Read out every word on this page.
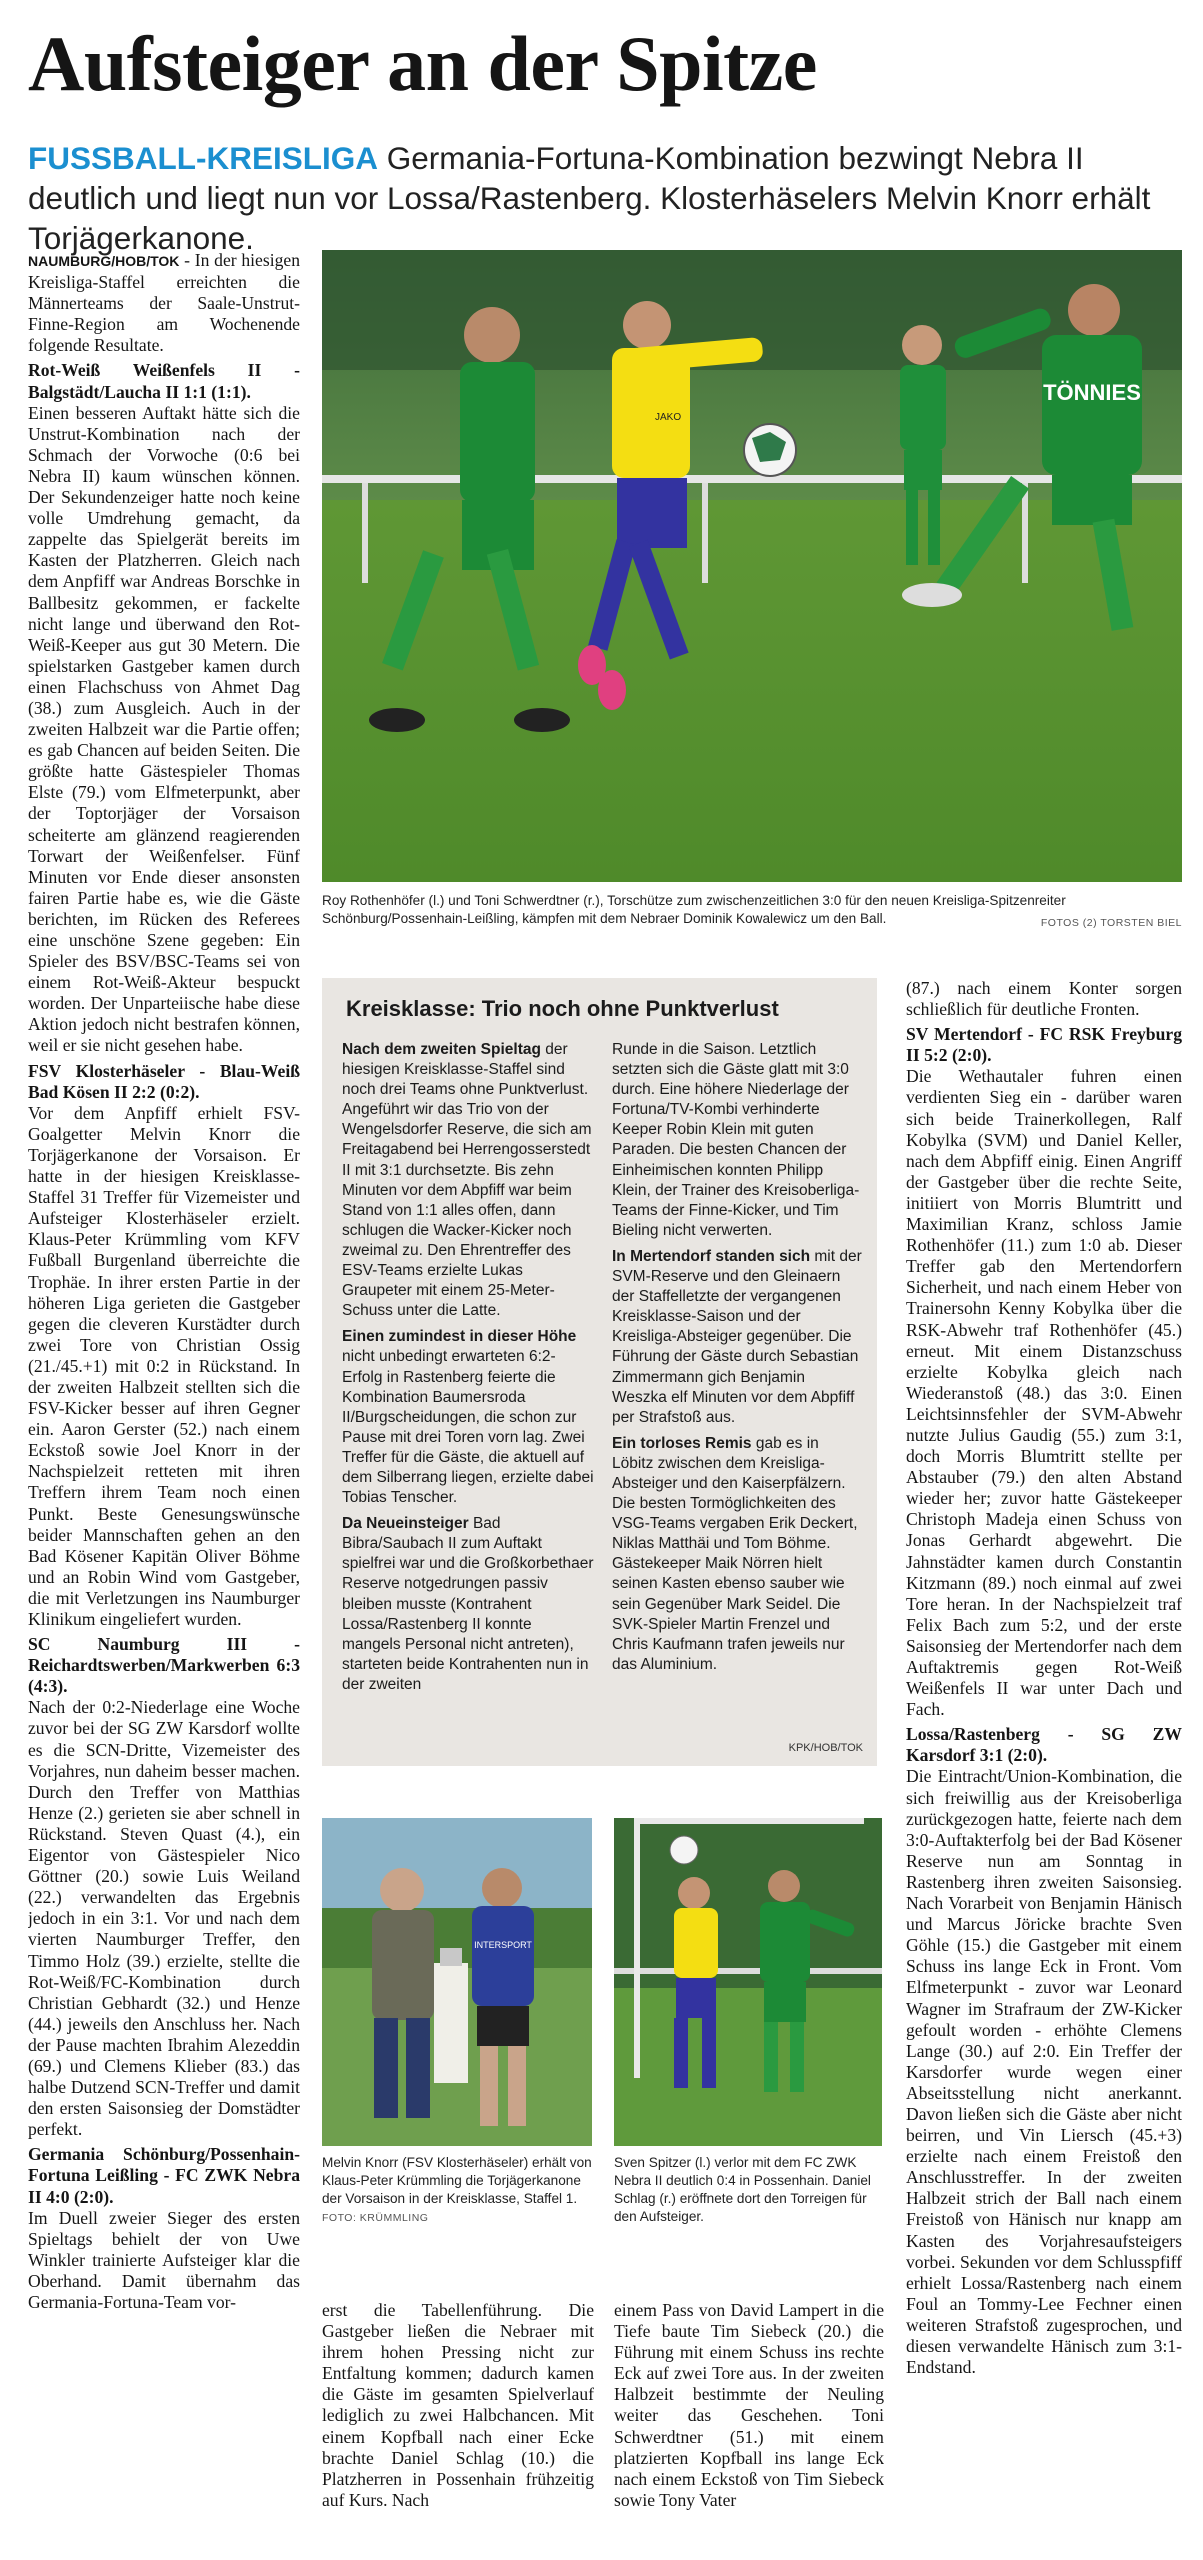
Aufsteiger an der Spitze

FUSSBALL-KREISLIGA Germania-Fortuna-Kombination bezwingt Nebra II deutlich und liegt nun vor Lossa/Rastenberg. Klosterhäselers Melvin Knorr erhält Torjägerkanone.

NAUMBURG/HOB/TOK - In der hiesigen Kreisliga-Staffel erreichten die Männerteams der Saale-Unstrut-Finne-Region am Wochenende folgende Resultate.

Rot-Weiß Weißenfels II - Balgstädt/Laucha II 1:1 (1:1).

Einen besseren Auftakt hätte sich die Unstrut-Kombination nach der Schmach der Vorwoche (0:6 bei Nebra II) kaum wünschen können. Der Sekundenzeiger hatte noch keine volle Umdrehung gemacht, da zappelte das Spielgerät bereits im Kasten der Platzherren. Gleich nach dem Anpfiff war Andreas Borschke in Ballbesitz gekommen, er fackelte nicht lange und überwand den Rot-Weiß-Keeper aus gut 30 Metern. Die spielstarken Gastgeber kamen durch einen Flachschuss von Ahmet Dag (38.) zum Ausgleich. Auch in der zweiten Halbzeit war die Partie offen; es gab Chancen auf beiden Seiten. Die größte hatte Gästespieler Thomas Elste (79.) vom Elfmeterpunkt, aber der Toptorjäger der Vorsaison scheiterte am glänzend reagierenden Torwart der Weißenfelser. Fünf Minuten vor Ende dieser ansonsten fairen Partie habe es, wie die Gäste berichten, im Rücken des Referees eine unschöne Szene gegeben: Ein Spieler des BSV/BSC-Teams sei von einem Rot-Weiß-Akteur bespuckt worden. Der Unparteiische habe diese Aktion jedoch nicht bestrafen können, weil er sie nicht gesehen habe.

FSV Klosterhäseler - Blau-Weiß Bad Kösen II 2:2 (0:2).

Vor dem Anpfiff erhielt FSV-Goalgetter Melvin Knorr die Torjägerkanone der Vorsaison. Er hatte in der hiesigen Kreisklasse-Staffel 31 Treffer für Vizemeister und Aufsteiger Klosterhäseler erzielt. Klaus-Peter Krümmling vom KFV Fußball Burgenland überreichte die Trophäe. In ihrer ersten Partie in der höheren Liga gerieten die Gastgeber gegen die cleveren Kurstädter durch zwei Tore von Christian Ossig (21./45.+1) mit 0:2 in Rückstand. In der zweiten Halbzeit stellten sich die FSV-Kicker besser auf ihren Gegner ein. Aaron Gerster (52.) nach einem Eckstoß sowie Joel Knorr in der Nachspielzeit retteten mit ihren Treffern ihrem Team noch einen Punkt. Beste Genesungswünsche beider Mannschaften gehen an den Bad Kösener Kapitän Oliver Böhme und an Robin Wind vom Gastgeber, die mit Verletzungen ins Naumburger Klinikum eingeliefert wurden.

SC Naumburg III - Reichardtswerben/Markwerben 6:3 (4:3).

Nach der 0:2-Niederlage eine Woche zuvor bei der SG ZW Karsdorf wollte es die SCN-Dritte, Vizemeister des Vorjahres, nun daheim besser machen. Durch den Treffer von Matthias Henze (2.) gerieten sie aber schnell in Rückstand. Steven Quast (4.), ein Eigentor von Gästespieler Nico Göttner (20.) sowie Luis Weiland (22.) verwandelten das Ergebnis jedoch in ein 3:1. Vor und nach dem vierten Naumburger Treffer, den Timmo Holz (39.) erzielte, stellte die Rot-Weiß/FC-Kombination durch Christian Gebhardt (32.) und Henze (44.) jeweils den Anschluss her. Nach der Pause machten Ibrahim Alezeddin (69.) und Clemens Klieber (83.) das halbe Dutzend SCN-Treffer und damit den ersten Saisonsieg der Domstädter perfekt.

Germania Schönburg/Possenhain-Fortuna Leißling - FC ZWK Nebra II 4:0 (2:0).

Im Duell zweier Sieger des ersten Spieltags behielt der von Uwe Winkler trainierte Aufsteiger klar die Oberhand. Damit übernahm das Germania-Fortuna-Team vor-

TÖNNIES
JAKO
Roy Rothenhöfer (l.) und Toni Schwerdtner (r.), Torschütze zum zwischenzeitlichen 3:0 für den neuen Kreisliga-Spitzenreiter Schönburg/Possenhain-Leißling, kämpfen mit dem Nebraer Dominik Kowalewicz um den Ball.	FOTOS (2) TORSTEN BIEL
Kreisklasse: Trio noch ohne Punktverlust

Nach dem zweiten Spieltag der hiesigen Kreisklasse-Staffel sind noch drei Teams ohne Punktverlust. Angeführt wir das Trio von der Wengelsdorfer Reserve, die sich am Freitagabend bei Herrengosserstedt II mit 3:1 durchsetzte. Bis zehn Minuten vor dem Abpfiff war beim Stand von 1:1 alles offen, dann schlugen die Wacker-Kicker noch zweimal zu. Den Ehrentreffer des ESV-Teams erzielte Lukas Graupeter mit einem 25-Meter-Schuss unter die Latte.

Einen zumindest in dieser Höhe nicht unbedingt erwarteten 6:2-Erfolg in Rastenberg feierte die Kombination Baumersroda II/Burgscheidungen, die schon zur Pause mit drei Toren vorn lag. Zwei Treffer für die Gäste, die aktuell auf dem Silberrang liegen, erzielte dabei Tobias Tenscher.

Da Neueinsteiger Bad Bibra/Saubach II zum Auftakt spielfrei war und die Großkorbethaer Reserve notgedrungen passiv bleiben musste (Kontrahent Lossa/Rastenberg II konnte mangels Personal nicht antreten), starteten beide Kontrahenten nun in der zweiten

Runde in die Saison. Letztlich setzten sich die Gäste glatt mit 3:0 durch. Eine höhere Niederlage der Fortuna/TV-Kombi verhinderte Keeper Robin Klein mit guten Paraden. Die besten Chancen der Einheimischen konnten Philipp Klein, der Trainer des Kreisoberliga-Teams der Finne-Kicker, und Tim Bieling nicht verwerten.

In Mertendorf standen sich mit der SVM-Reserve und den Gleinaern der Staffelletzte der vergangenen Kreisklasse-Saison und der Kreisliga-Absteiger gegenüber. Die Führung der Gäste durch Sebastian Zimmermann gich Benjamin Weszka elf Minuten vor dem Abpfiff per Strafstoß aus.

Ein torloses Remis gab es in Löbitz zwischen dem Kreisliga-Absteiger und den Kaiserpfälzern. Die besten Tormöglichkeiten des VSG-Teams vergaben Erik Deckert, Niklas Matthäi und Tom Böhme. Gästekeeper Maik Nörren hielt seinen Kasten ebenso sauber wie sein Gegenüber Mark Seidel. Die SVK-Spieler Martin Frenzel und Chris Kaufmann trafen jeweils nur das Aluminium.

KPK/HOB/TOK
INTERSPORT
Melvin Knorr (FSV Klosterhäseler) erhält von Klaus-Peter Krümmling die Torjägerkanone der Vorsaison in der Kreisklasse, Staffel 1. FOTO: KRÜMMLING
Sven Spitzer (l.) verlor mit dem FC ZWK Nebra II deutlich 0:4 in Possenhain. Daniel Schlag (r.) eröffnete dort den Torreigen für den Aufsteiger.

erst die Tabellenführung. Die Gastgeber ließen die Nebraer mit ihrem hohen Pressing nicht zur Entfaltung kommen; dadurch kamen die Gäste im gesamten Spielverlauf lediglich zu zwei Halbchancen. Mit einem Kopfball nach einer Ecke brachte Daniel Schlag (10.) die Platzherren in Possenhain frühzeitig auf Kurs. Nach

einem Pass von David Lampert in die Tiefe baute Tim Siebeck (20.) die Führung mit einem Schuss ins rechte Eck auf zwei Tore aus. In der zweiten Halbzeit bestimmte der Neuling weiter das Geschehen. Toni Schwerdtner (51.) mit einem platzierten Kopfball ins lange Eck nach einem Eckstoß von Tim Siebeck sowie Tony Vater

(87.) nach einem Konter sorgen schließlich für deutliche Fronten.

SV Mertendorf - FC RSK Freyburg II 5:2 (2:0).

Die Wethautaler fuhren einen verdienten Sieg ein - darüber waren sich beide Trainerkollegen, Ralf Kobylka (SVM) und Daniel Keller, nach dem Abpfiff einig. Einen Angriff der Gastgeber über die rechte Seite, initiiert von Morris Blumtritt und Maximilian Kranz, schloss Jamie Rothenhöfer (11.) zum 1:0 ab. Dieser Treffer gab den Mertendorfern Sicherheit, und nach einem Heber von Trainersohn Kenny Kobylka über die RSK-Abwehr traf Rothenhöfer (45.) erneut. Mit einem Distanzschuss erzielte Kobylka gleich nach Wiederanstoß (48.) das 3:0. Einen Leichtsinnsfehler der SVM-Abwehr nutzte Julius Gaudig (55.) zum 3:1, doch Morris Blumtritt stellte per Abstauber (79.) den alten Abstand wieder her; zuvor hatte Gästekeeper Christoph Madeja einen Schuss von Jonas Gerhardt abgewehrt. Die Jahnstädter kamen durch Constantin Kitzmann (89.) noch einmal auf zwei Tore heran. In der Nachspielzeit traf Felix Bach zum 5:2, und der erste Saisonsieg der Mertendorfer nach dem Auftaktremis gegen Rot-Weiß Weißenfels II war unter Dach und Fach.

Lossa/Rastenberg - SG ZW Karsdorf 3:1 (2:0).

Die Eintracht/Union-Kombination, die sich freiwillig aus der Kreisoberliga zurückgezogen hatte, feierte nach dem 3:0-Auftakterfolg bei der Bad Kösener Reserve nun am Sonntag in Rastenberg ihren zweiten Saisonsieg. Nach Vorarbeit von Benjamin Hänisch und Marcus Jöricke brachte Sven Göhle (15.) die Gastgeber mit einem Schuss ins lange Eck in Front. Vom Elfmeterpunkt - zuvor war Leonard Wagner im Strafraum der ZW-Kicker gefoult worden - erhöhte Clemens Lange (30.) auf 2:0. Ein Treffer der Karsdorfer wurde wegen einer Abseitsstellung nicht anerkannt. Davon ließen sich die Gäste aber nicht beirren, und Vin Liersch (45.+3) erzielte nach einem Freistoß den Anschlusstreffer. In der zweiten Halbzeit strich der Ball nach einem Freistoß von Hänisch nur knapp am Kasten des Vorjahresaufsteigers vorbei. Sekunden vor dem Schlusspfiff erhielt Lossa/Rastenberg nach einem Foul an Tommy-Lee Fechner einen weiteren Strafstoß zugesprochen, und diesen verwandelte Hänisch zum 3:1-Endstand.
